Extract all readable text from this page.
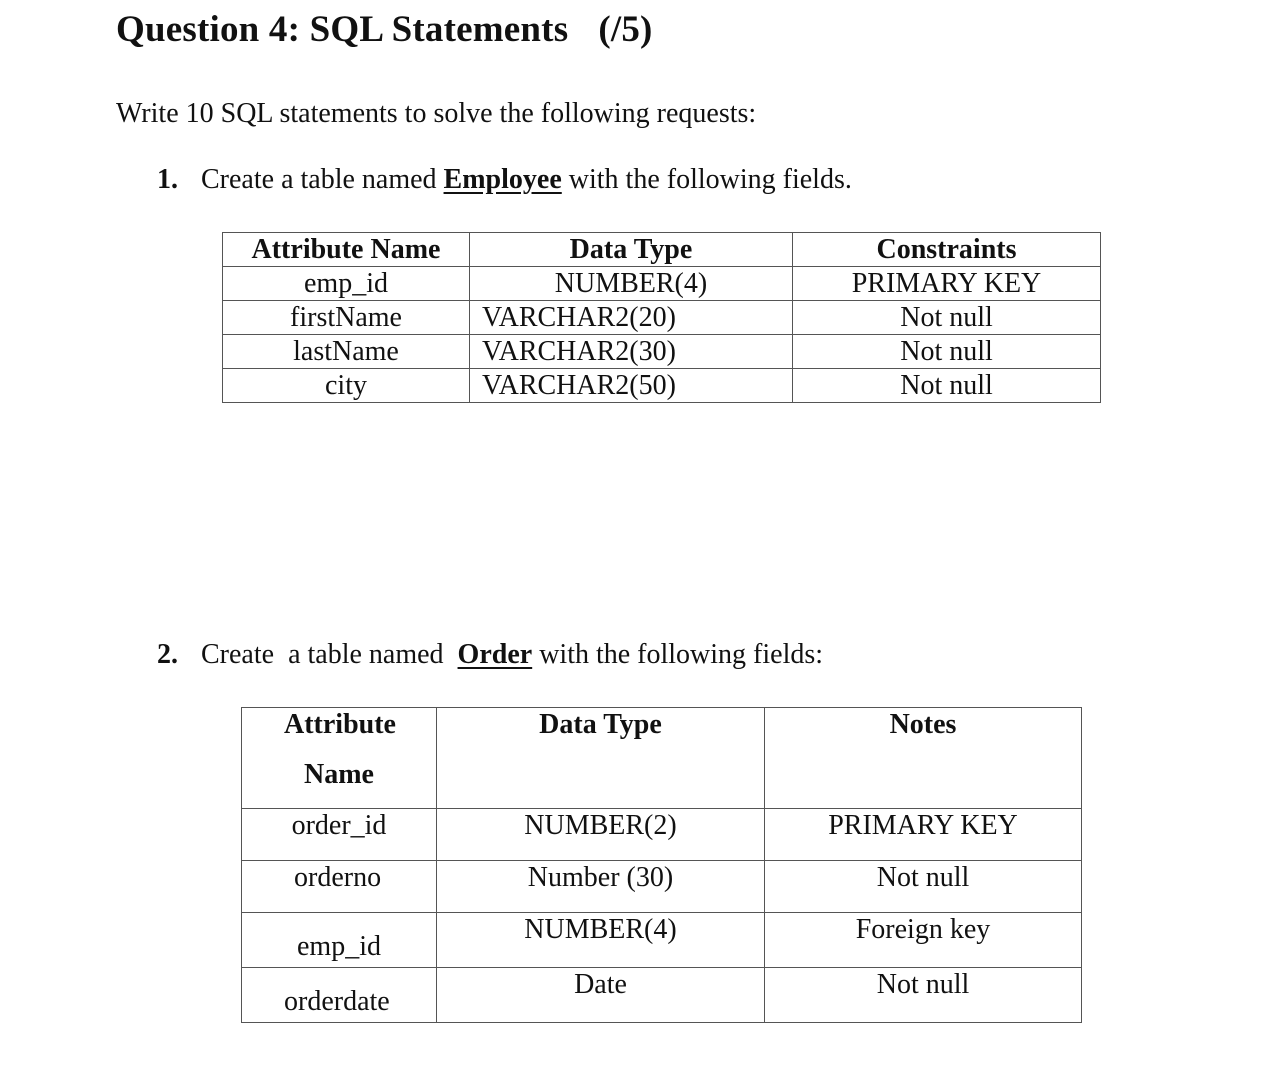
Question 4: SQL Statements (/5)
Write 10 SQL statements to solve the following requests:
1. Create a table named Employee with the following fields.
Attribute Name	Data Type	Constraints
emp_id	NUMBER(4)	PRIMARY KEY
firstName	VARCHAR2(20)	Not null
lastName	VARCHAR2(30)	Not null
city	VARCHAR2(50)	Not null
2. Create  a table named  Order with the following fields:
Attribute Name	Data Type	Notes

order_id	NUMBER(2)	PRIMARY KEY
orderno	Number (30)	Not null
emp_id	NUMBER(4)	Foreign key
orderdate	Date	Not null
